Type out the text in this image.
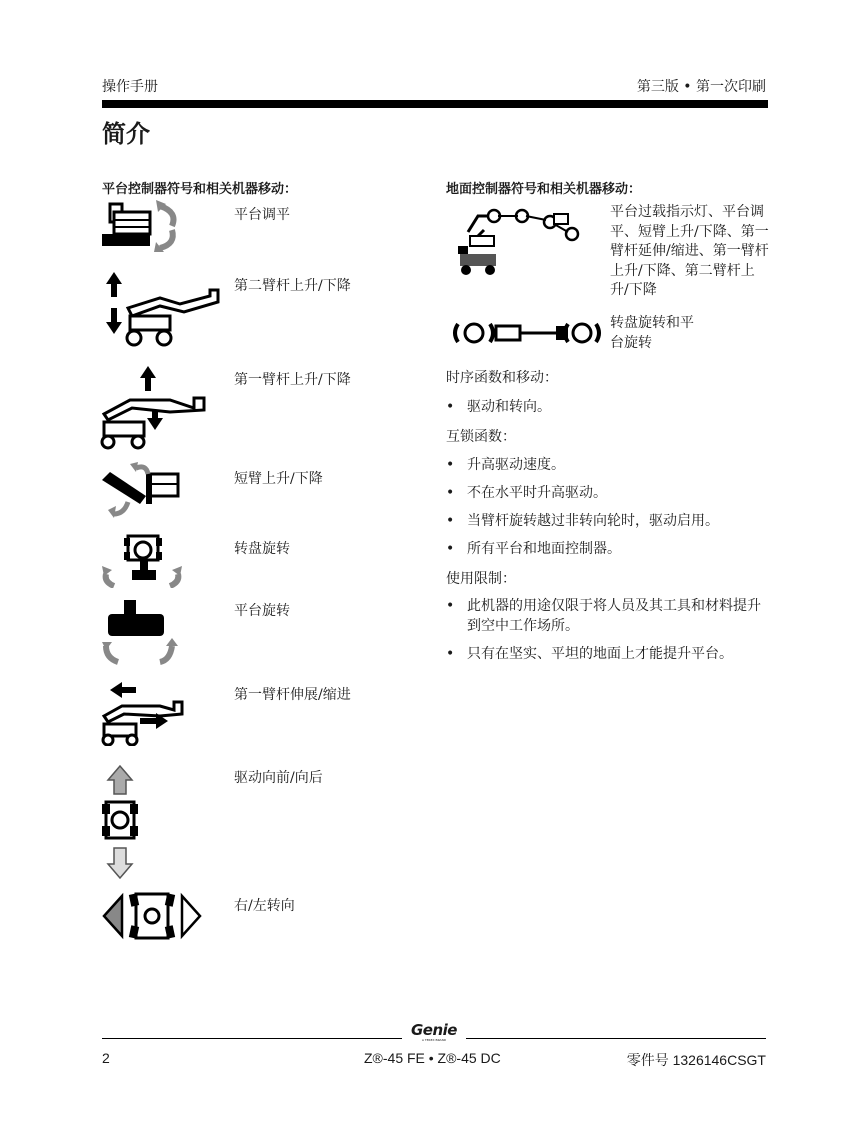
操作手册	第三版 • 第一次印刷
简介
平台控制器符号和相关机器移动：
平台调平
第二臂杆上升/下降
第一臂杆上升/下降
短臂上升/下降
转盘旋转
平台旋转
第一臂杆伸展/缩进
驱动向前/向后
右/左转向
地面控制器符号和相关机器移动：
平台过载指示灯、平台调平、短臂上升/下降、第一臂杆延伸/缩进、第一臂杆上升/下降、第二臂杆上升/下降
转盘旋转和平台旋转
时序函数和移动：
• 驱动和转向。
互锁函数：
• 升高驱动速度。
• 不在水平时升高驱动。
• 当臂杆旋转越过非转向轮时，驱动启用。
• 所有平台和地面控制器。
使用限制：
• 此机器的用途仅限于将人员及其工具和材料提升到空中工作场所。
• 只有在坚实、平坦的地面上才能提升平台。
Genie
A TEREX BRAND
2	Z®-45 FE • Z®-45 DC	零件号 1326146CSGT
